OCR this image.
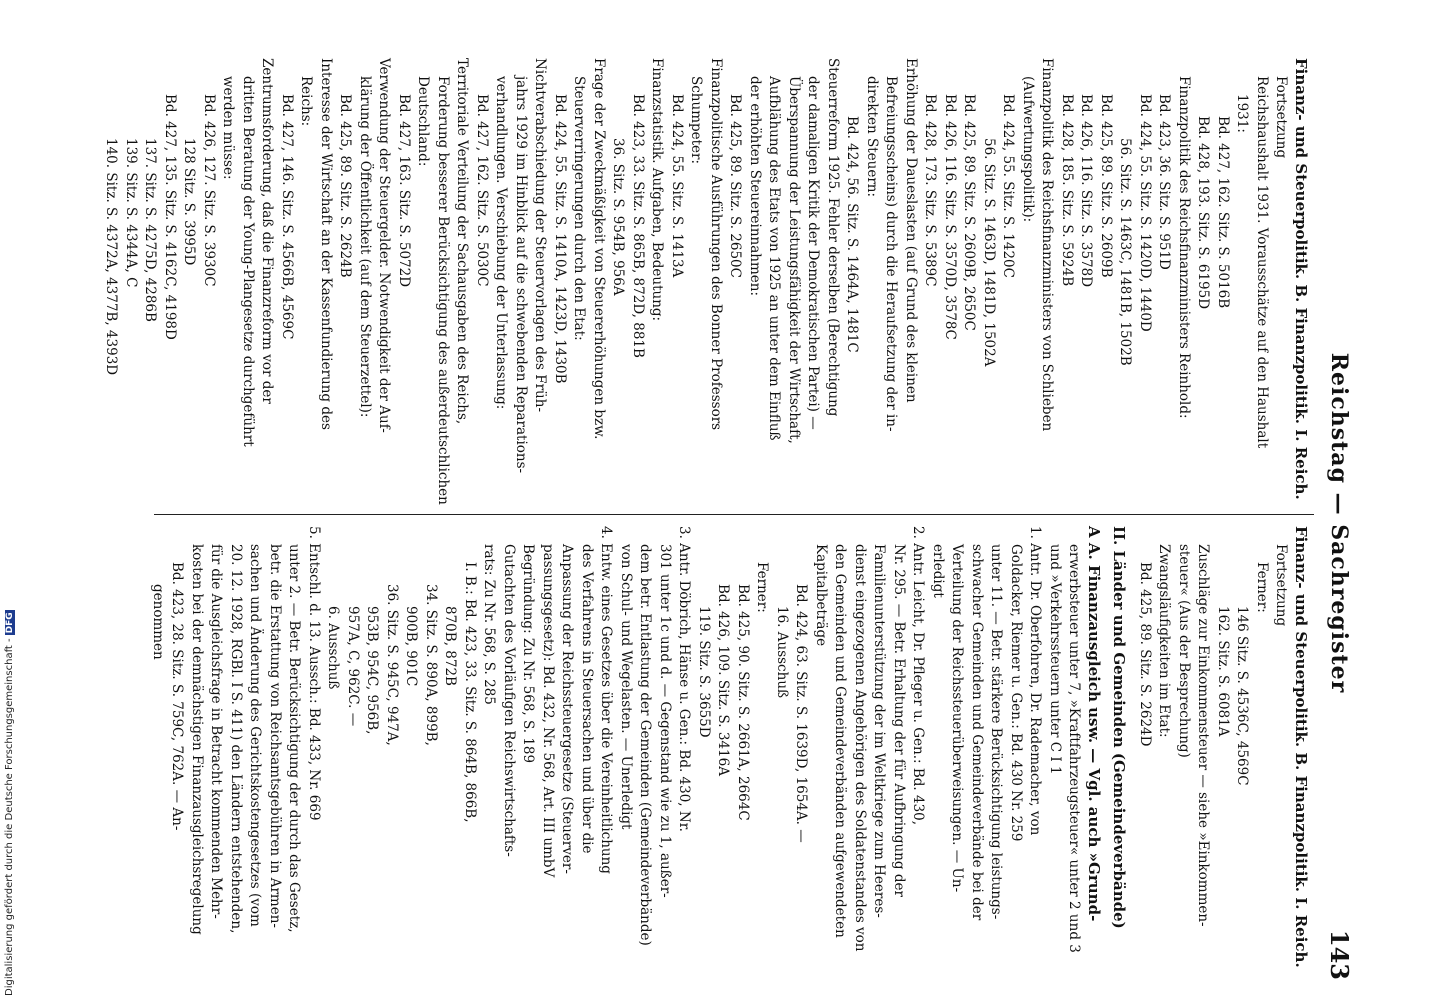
Reichstag — Sachregister
143
Finanz- und Steuerpolitik. B. Finanzpolitik. I. Reich.
Fortsetzung
Reichshaushalt 1931. Vorausschätze auf den Haushalt
1931:
Bd. 427, 162. Sitz. S. 5016B
Bd. 428, 193. Sitz. S. 6195D
Finanzpolitik des Reichsfinanzministers Reinhold:
Bd. 423, 36. Sitz. S. 951D
Bd. 424, 55. Sitz. S. 1420D, 1440D
56. Sitz. S. 1463C, 1481B, 1502B
Bd. 425, 89. Sitz. S. 2609B
Bd. 426, 116. Sitz. S. 3578D
Bd. 428, 185. Sitz. S. 5924B
Finanzpolitik des Reichsfinanzministers von Schlieben
(Aufwertungspolitik):
Bd. 424, 55. Sitz. S. 1420C
56. Sitz. S. 1463D, 1481D, 1502A
Bd. 425, 89. Sitz. S. 2609B, 2650C
Bd. 426, 116. Sitz. S. 3570D, 3578C
Bd. 428, 173. Sitz. S. 5389C
Erhöhung der Daueslasten (auf Grund des kleinen
Befreiungsscheins) durch die Heraufsetzung der in-
direkten Steuern:
Bd. 424, 56. Sitz. S. 1464A, 1481C
Steuerreform 1925. Fehler derselben (Berechtigung
der damaligen Kritik der Demokratischen Partei) —
Überspannung der Leistungsfähigkeit der Wirtschaft,
Aufblähung des Etats von 1925 an unter dem Einfluß
der erhöhten Steuereinnahmen:
Bd. 425, 89. Sitz. S. 2650C
Finanzpolitische Ausführungen des Bonner Professors
Schumpeter:
Bd. 424, 55. Sitz. S. 1413A
Finanzstatistik. Aufgaben, Bedeutung:
Bd. 423, 33. Sitz. S. 865B, 872D, 881B
36. Sitz. S. 954B, 956A
Frage der Zweckmäßigkeit von Steuererhöhungen bzw.
Steuerverringerungen durch den Etat:
Bd. 424, 55. Sitz. S. 1410A, 1423D, 1430B
Nichtverabschiedung der Steuervorlagen des Früh-
jahrs 1929 im Hinblick auf die schwebenden Reparations-
verhandlungen. Verschiebung der Unterlassung:
Bd. 427, 162. Sitz. S. 5030C
Territoriale Verteilung der Sachausgaben des Reichs,
Forderung besserer Berücksichtigung des außerdeutschlichen
Deutschland:
Bd. 427, 163. Sitz. S. 5072D
Verwendung der Steuergelder. Notwendigkeit der Auf-
klärung der Öffentlichkeit (auf dem Steuerzettel):
Bd. 425, 89. Sitz. S. 2624B
Interesse der Wirtschaft an der Kassenfundierung des
Reichs:
Bd. 427, 146. Sitz. S. 4566B, 4569C
Zentrumsforderung, daß die Finanzreform vor der
dritten Beratung der Young-Plangesetze durchgeführt
werden müsse:
Bd. 426, 127. Sitz. S. 3930C
128 Sitz. S. 3995D
Bd. 427, 135. Sitz. S. 4162C, 4198D
137. Sitz. S. 4275D, 4286B
139. Sitz. S. 4344A, C
140. Sitz. S. 4372A, 4377B, 4393D
Finanz- und Steuerpolitik. B. Finanzpolitik. I. Reich.
Fortsetzung
Ferner:
146 Sitz. S. 4536C, 4569C
162. Sitz. S. 6081A
Zuschläge zur Einkommensteuer — siehe »Einkommen-
steuer« (Aus der Besprechung)
Zwangsläufigkeiten im Etat:
Bd. 425, 89. Sitz. S. 2624D
II. Länder und Gemeinden (Gemeindeverbände)
A A. Finanzausgleich usw. — Vgl. auch »Grund-
erwerbsteuer unter 7, »Kraftfahrzeugsteuer« unter 2 und 3
und »Verkehrssteuern unter C I 1
1. Antr. Dr. Oberfohren, Dr. Rademacher, von
Goldacker, Riemer u. Gen.: Bd. 430 Nr. 259
unter 11. — Betr. stärkere Berücksichtigung leistungs-
schwacher Gemeinden und Gemeindeverbände bei der
Verteilung der Reichssteuerüberweisungen. — Un-
erledigt
2. Antr. Leicht, Dr. Pfleger u. Gen.: Bd. 430,
Nr. 295. — Betr. Erhaltung der für Aufbringung der
Familienunterstützung der im Weltkriege zum Heeres-
dienst eingezogenen Angehörigen des Soldatenstandes von
den Gemeinden und Gemeindeverbänden aufgewendeten
Kapitalbeträge
Bd. 424, 63. Sitz. S. 1639D, 1654A. —
16. Ausschuß
Ferner:
Bd. 425, 90. Sitz. S. 2661A, 2664C
Bd. 426, 109. Sitz. S. 3416A
119. Sitz. S. 3655D
3. Antr. Döbrich, Hänse u. Gen.: Bd. 430, Nr.
301 unter 1c und d. — Gegenstand wie zu 1, außer-
dem betr. Entlastung der Gemeinden (Gemeindeverbände)
von Schul- und Wegelasten. — Unerledigt
4. Entw. eines Gesetzes über die Vereinheitlichung
des Verfahrens in Steuersachen und über die
Anpassung der Reichssteuergesetze (Steuerver-
passungsgesetz): Bd. 432, Nr. 568, Art. III umbV
Begründung: Zu Nr. 568, S. 189
Gutachten des Vorläufigen Reichswirtschafts-
rats: Zu Nr. 568, S. 285
I. B.: Bd. 423, 33. Sitz. S. 864B, 866B,
870B, 872B
34. Sitz. S. 890A, 899B,
900B, 901C
36. Sitz. S. 945C, 947A,
953B, 954C, 956B,
957A, C, 962C. —
6. Ausschuß
5. Entschl. d. 13. Aussch.: Bd. 433, Nr. 669
unter 2. — Betr. Berücksichtigung der durch das Gesetz,
betr. die Erstattung von Reichsamtsgebühren in Armen-
sachen und Änderung des Gerichtskostengesetzes (vom
20. 12. 1928, RGBl. I S. 411) den Ländern entstehenden,
für die Ausgleichsfrage in Betracht kommenden Mehr-
kosten bei der demnächstigen Finanzausgleichsregelung
Bd. 423, 28. Sitz. S. 759C, 762A. — An-
genommen
Digitalisierung gefördert durch die Deutsche Forschungsgemeinschaft -DFG
